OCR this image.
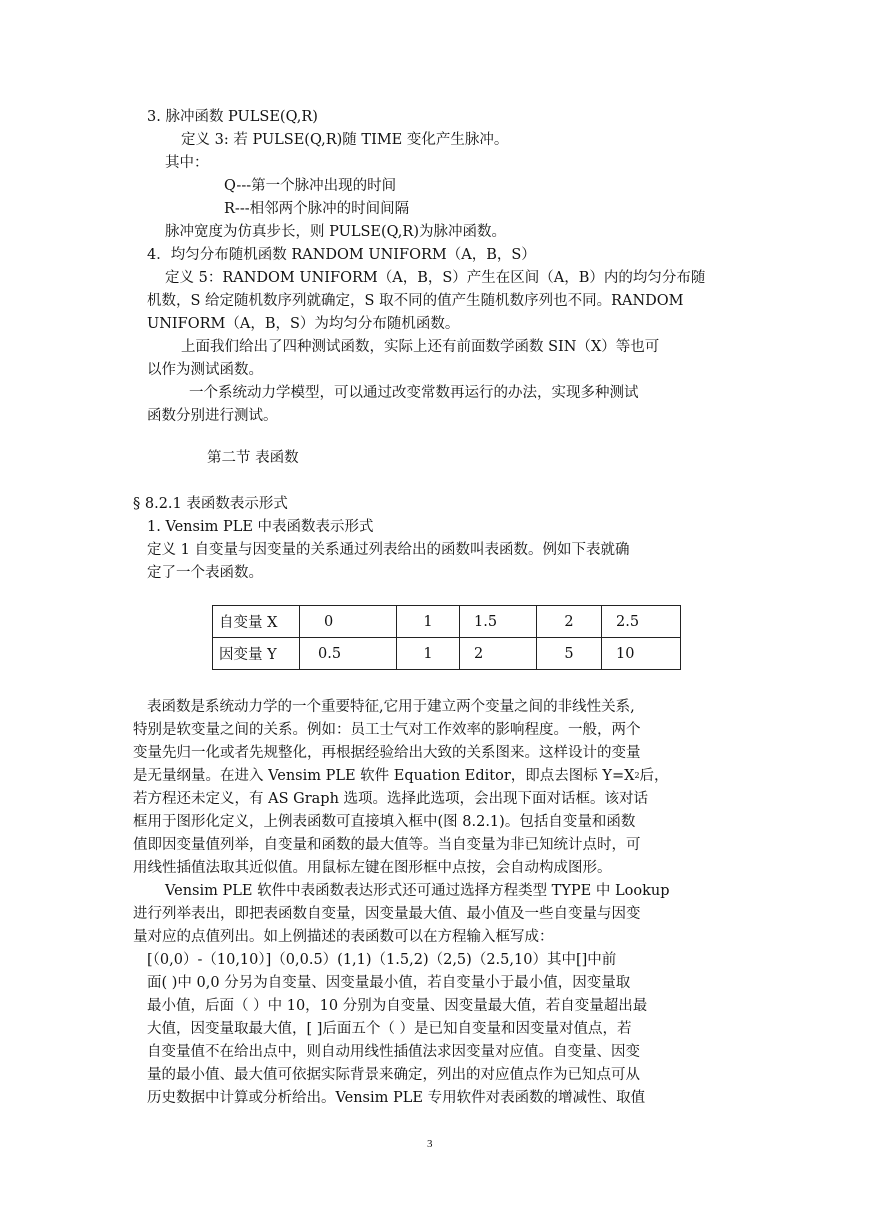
3. 脉冲函数 PULSE(Q,R)
定义 3: 若 PULSE(Q,R)随 TIME 变化产生脉冲。
其中：
Q---第一个脉冲出现的时间
R---相邻两个脉冲的时间间隔
脉冲宽度为仿真步长，则 PULSE(Q,R)为脉冲函数。
4．均匀分布随机函数 RANDOM UNIFORM（A，B，S）
定义 5：RANDOM UNIFORM（A，B，S）产生在区间（A，B）内的均匀分布随
机数，S 给定随机数序列就确定，S 取不同的值产生随机数序列也不同。RANDOM
UNIFORM（A，B，S）为均匀分布随机函数。
上面我们给出了四种测试函数，实际上还有前面数学函数 SIN（X）等也可
以作为测试函数。
一个系统动力学模型，可以通过改变常数再运行的办法，实现多种测试
函数分别进行测试。
第二节 表函数
§ 8.2.1 表函数表示形式
1. Vensim PLE 中表函数表示形式
定义 1 自变量与因变量的关系通过列表给出的函数叫表函数。例如下表就确
定了一个表函数。
自变量 X	0	1	1.5	2	2.5
因变量 Y	0.5	1	2	5	10
表函数是系统动力学的一个重要特征,它用于建立两个变量之间的非线性关系,
特别是软变量之间的关系。例如：员工士气对工作效率的影响程度。一般，两个
变量先归一化或者先规整化，再根据经验给出大致的关系图来。这样设计的变量
是无量纲量。在进入 Vensim PLE 软件 Equation Editor，即点去图标 $Y=X^2$后，
若方程还未定义，有 AS Graph 选项。选择此选项，会出现下面对话框。该对话
框用于图形化定义，上例表函数可直接填入框中(图 8.2.1)。包括自变量和函数
值即因变量值列举，自变量和函数的最大值等。当自变量为非已知统计点时，可
用线性插值法取其近似值。用鼠标左键在图形框中点按，会自动构成图形。
Vensim PLE 软件中表函数表达形式还可通过选择方程类型 TYPE 中 Lookup
进行列举表出，即把表函数自变量，因变量最大值、最小值及一些自变量与因变
量对应的点值列出。如上例描述的表函数可以在方程输入框写成：
[（0,0）-（10,10）]（0,0.5）(1,1)（1.5,2)（2,5)（2.5,10）其中[]中前
面( )中 0,0 分另为自变量、因变量最小值，若自变量小于最小值，因变量取
最小值，后面（ ）中 10，10 分别为自变量、因变量最大值，若自变量超出最
大值，因变量取最大值，[ ]后面五个（ ）是已知自变量和因变量对值点，若
自变量值不在给出点中，则自动用线性插值法求因变量对应值。自变量、因变
量的最小值、最大值可依据实际背景来确定，列出的对应值点作为已知点可从
历史数据中计算或分析给出。Vensim PLE 专用软件对表函数的增减性、取值
3
